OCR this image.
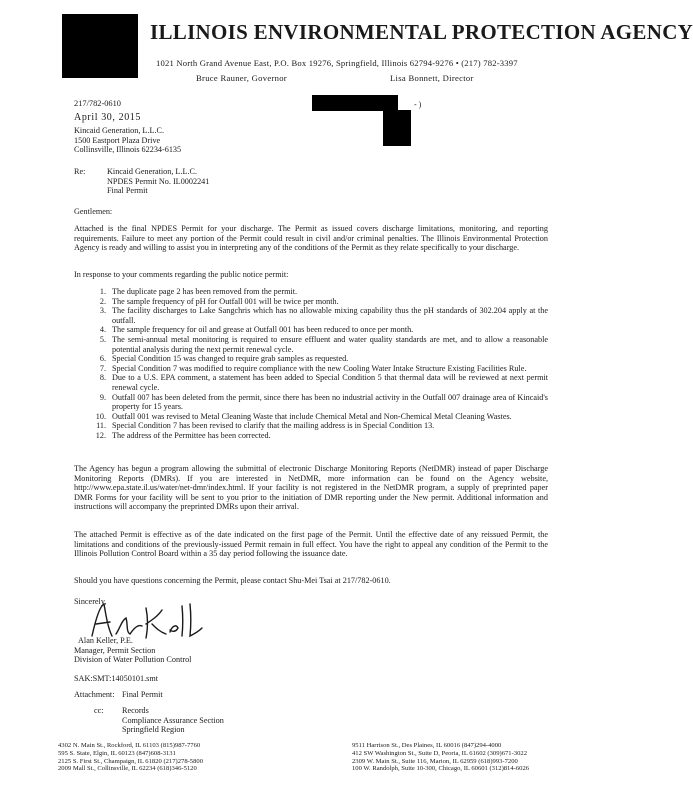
‐ )
ILLINOIS ENVIRONMENTAL PROTECTION AGENCY
1021 North Grand Avenue East, P.O. Box 19276, Springfield, Illinois 62794-9276 • (217) 782-3397
Bruce Rauner, Governor	Lisa Bonnett, Director
217/782-0610
April 30, 2015
Kincaid Generation, L.L.C.
1500 Eastport Plaza Drive
Collinsville, Illinois 62234-6135
Re:	Kincaid Generation, L.L.C.
NPDES Permit No. IL0002241
Final Permit
Gentlemen:
Attached is the final NPDES Permit for your discharge. The Permit as issued covers discharge limitations, monitoring, and reporting requirements. Failure to meet any portion of the Permit could result in civil and/or criminal penalties. The Illinois Environmental Protection Agency is ready and willing to assist you in interpreting any of the conditions of the Permit as they relate specifically to your discharge.
In response to your comments regarding the public notice permit:
1. The duplicate page 2 has been removed from the permit.
2. The sample frequency of pH for Outfall 001 will be twice per month.
3. The facility discharges to Lake Sangchris which has no allowable mixing capability thus the pH standards of 302.204 apply at the outfall.
4. The sample frequency for oil and grease at Outfall 001 has been reduced to once per month.
5. The semi-annual metal monitoring is required to ensure effluent and water quality standards are met, and to allow a reasonable potential analysis during the next permit renewal cycle.
6. Special Condition 15 was changed to require grab samples as requested.
7. Special Condition 7 was modified to require compliance with the new Cooling Water Intake Structure Existing Facilities Rule.
8. Due to a U.S. EPA comment, a statement has been added to Special Condition 5 that thermal data will be reviewed at next permit renewal cycle.
9. Outfall 007 has been deleted from the permit, since there has been no industrial activity in the Outfall 007 drainage area of Kincaid's property for 15 years.
10. Outfall 001 was revised to Metal Cleaning Waste that include Chemical Metal and Non-Chemical Metal Cleaning Wastes.
11. Special Condition 7 has been revised to clarify that the mailing address is in Special Condition 13.
12. The address of the Permittee has been corrected.
The Agency has begun a program allowing the submittal of electronic Discharge Monitoring Reports (NetDMR) instead of paper Discharge Monitoring Reports (DMRs). If you are interested in NetDMR, more information can be found on the Agency website, http://www.epa.state.il.us/water/net-dmr/index.html. If your facility is not registered in the NetDMR program, a supply of preprinted paper DMR Forms for your facility will be sent to you prior to the initiation of DMR reporting under the New permit. Additional information and instructions will accompany the preprinted DMRs upon their arrival.
The attached Permit is effective as of the date indicated on the first page of the Permit. Until the effective date of any reissued Permit, the limitations and conditions of the previously-issued Permit remain in full effect. You have the right to appeal any condition of the Permit to the Illinois Pollution Control Board within a 35 day period following the issuance date.
Should you have questions concerning the Permit, please contact Shu-Mei Tsai at 217/782-0610.
Sincerely,
Alan Keller, P.E.
Manager, Permit Section
Division of Water Pollution Control
SAK:SMT:14050101.smt
Attachment: Final Permit
cc: Records
Compliance Assurance Section
Springfield Region
4302 N. Main St., Rockford, IL 61103 (815)987-7760
595 S. State, Elgin, IL 60123 (847)608-3131
2125 S. First St., Champaign, IL 61820 (217)278-5800
2009 Mall St., Collinsville, IL 62234 (618)346-5120
9511 Harrison St., Des Plaines, IL 60016 (847)294-4000
412 SW Washington St., Suite D, Peoria, IL 61602 (309)671-3022
2309 W. Main St., Suite 116, Marion, IL 62959 (618)993-7200
100 W. Randolph, Suite 10-300, Chicago, IL 60601 (312)814-6026
